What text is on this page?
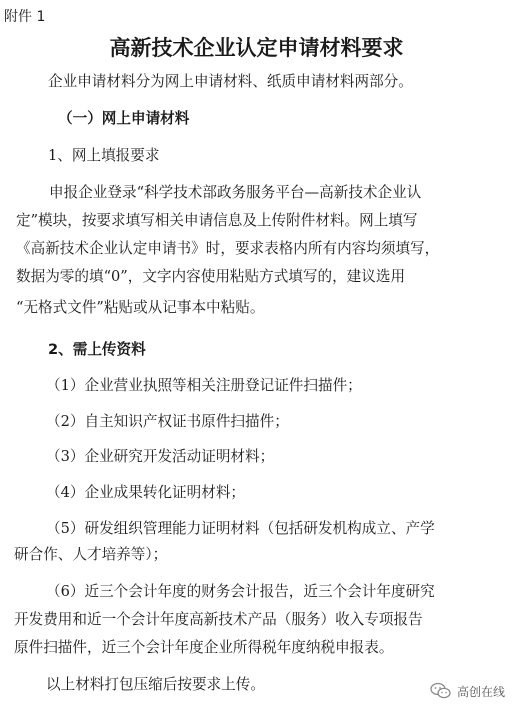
附件 1
高新技术企业认定申请材料要求
企业申请材料分为网上申请材料、纸质申请材料两部分。
（一）网上申请材料
1、网上填报要求
申报企业登录“科学技术部政务服务平台—高新技术企业认
定”模块，按要求填写相关申请信息及上传附件材料。网上填写
《高新技术企业认定申请书》时，要求表格内所有内容均须填写，
数据为零的填“0”，文字内容使用粘贴方式填写的，建议选用
“无格式文件”粘贴或从记事本中粘贴。
2、需上传资料
（1）企业营业执照等相关注册登记证件扫描件；
（2）自主知识产权证书原件扫描件；
（3）企业研究开发活动证明材料；
（4）企业成果转化证明材料；
（5）研发组织管理能力证明材料（包括研发机构成立、产学
研合作、人才培养等）；
（6）近三个会计年度的财务会计报告，近三个会计年度研究
开发费用和近一个会计年度高新技术产品（服务）收入专项报告
原件扫描件，近三个会计年度企业所得税年度纳税申报表。
以上材料打包压缩后按要求上传。	高创在线
